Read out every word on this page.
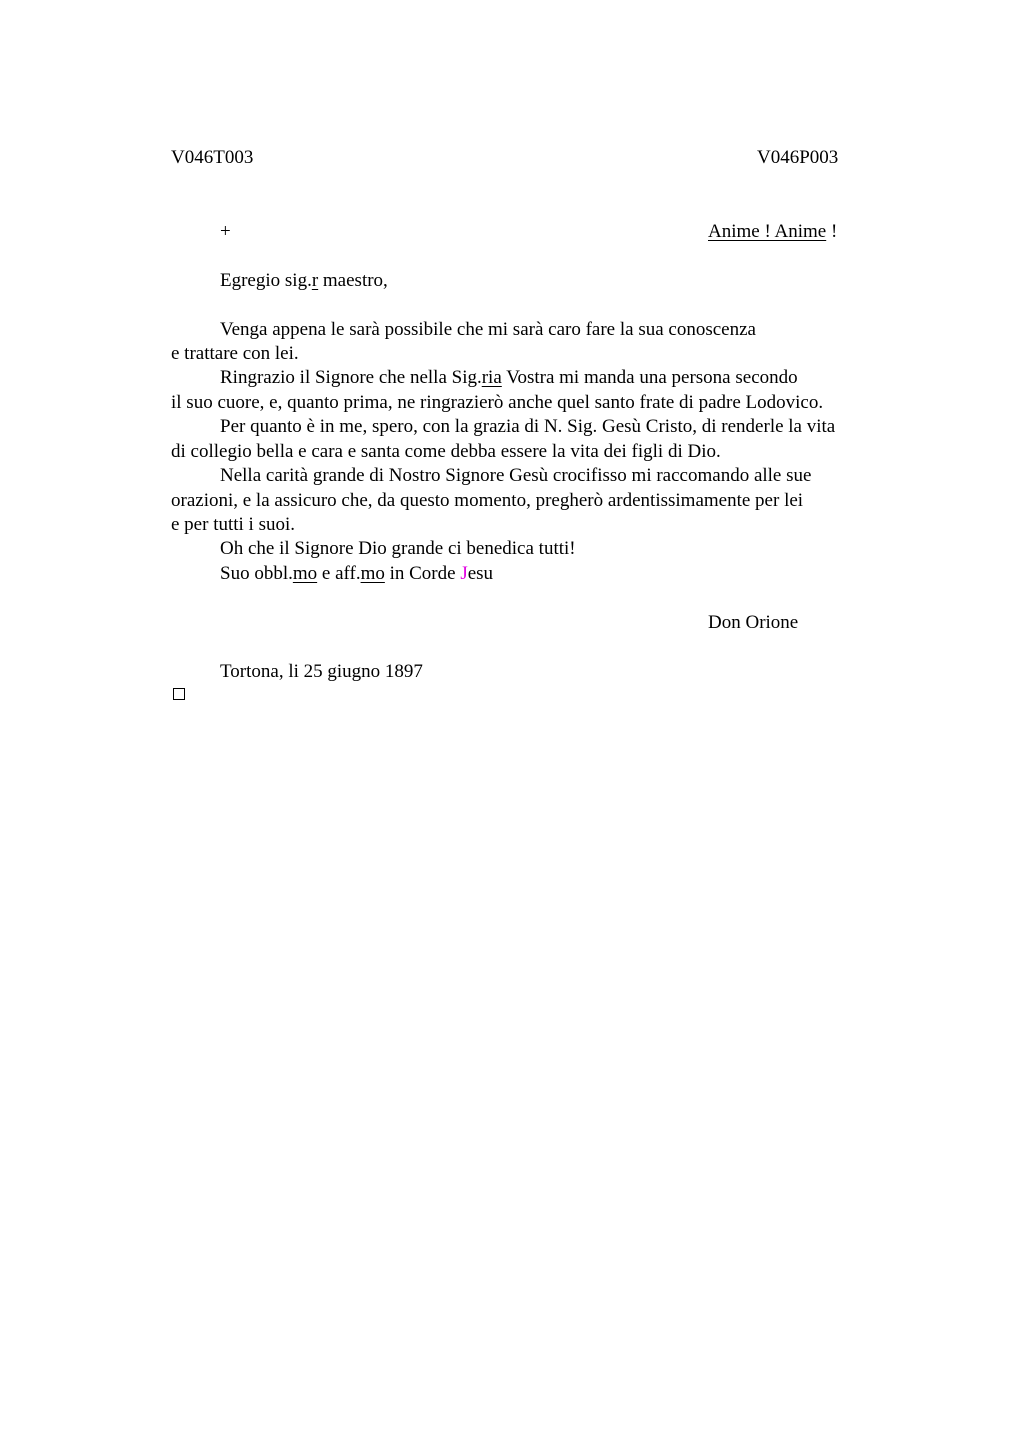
V046T003	V046P003
+	Anime ! Anime !
Egregio sig.r maestro,
Venga appena le sarà possibile che mi sarà caro fare la sua conoscenza
e trattare con lei.
Ringrazio il Signore che nella Sig.ria Vostra mi manda una persona secondo
il suo cuore, e, quanto prima, ne ringrazierò anche quel santo frate di padre Lodovico.
Per quanto è in me, spero, con la grazia di N. Sig. Gesù Cristo, di renderle la vita
di collegio bella e cara e santa come debba essere la vita dei figli di Dio.
Nella carità grande di Nostro Signore Gesù crocifisso mi raccomando alle sue
orazioni, e la assicuro che, da questo momento, pregherò ardentissimamente per lei
e per tutti i suoi.
Oh che il Signore Dio grande ci benedica tutti!
Suo obbl.mo e aff.mo in Corde Jesu
Don Orione
Tortona, li 25 giugno 1897
